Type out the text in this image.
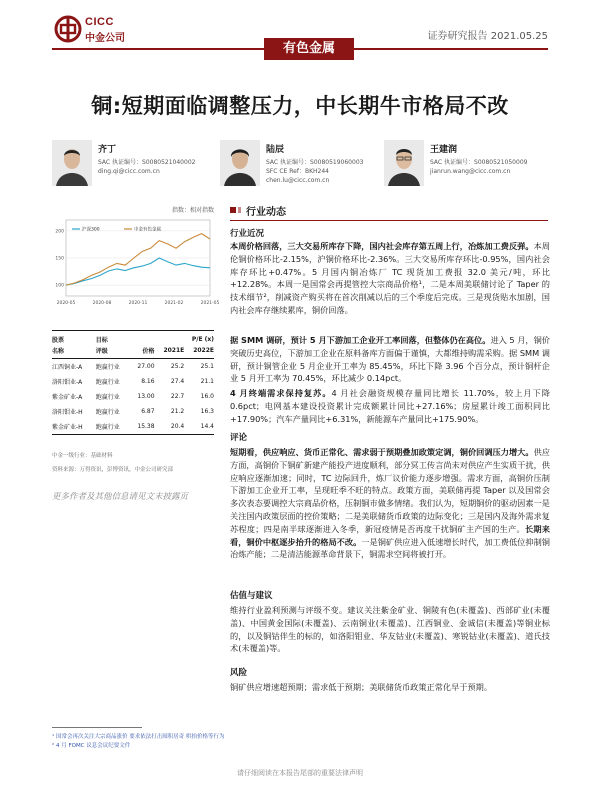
CICC
中金公司	证券研究报告 2021.05.25
有色金属
铜:短期面临调整压力，中长期牛市格局不改
齐丁
SAC 执证编号：S0080521040002
ding.qi@cicc.com.cn
陆辰
SAC 执证编号：S0080519060003
SFC CE Ref：BKH244
chen.lu@cicc.com.cn
王建润
SAC 执证编号：S0080521050009
jianrun.wang@cicc.com.cn
指数：相对指数
100
150
200
2020-05	2020-08	2020-11	2021-02	2021-05
沪深300	中金有色金属
股票	目标		P/E (x)	
名称	评级	价格	2021E	2022E
江西铜业-A	跑赢行业	27.00	25.2	25.1
洛阳钼业-A	跑赢行业	8.16	27.4	21.1
紫金矿业-A	跑赢行业	13.00	22.7	16.0
洛阳钼业-H	跑赢行业	6.87	21.2	16.3
紫金矿业-H	跑赢行业	15.38	20.4	14.4
中金一级行业：基础材料
资料来源：万得资讯，彭博资讯，中金公司研究部
更多作者及其他信息请见文末披露页
行业动态
行业近况

本周价格回落，三大交易所库存下降，国内社会库存第五周上行，冶炼加工费反弹。本周伦铜价格环比-2.15%，沪铜价格环比-2.36%。三大交易所库存环比-0.95%，国内社会库存环比+0.47%。5 月国内铜冶炼厂 TC 现货加工费报 32.0 美元/吨，环比+12.28%。本周一是国常会再提管控大宗商品价格¹，二是本周美联储讨论了 Taper 的技术细节²，削减资产购买将在首次削减以后的三个季度后完成。三是现货贴水加剧，国内社会库存继续累库，铜价回落。

据 SMM 调研，预计 5 月下游加工企业开工率回落，但整体仍在高位。进入 5 月，铜价突破历史高位，下游加工企业在原料备库方面偏于谨慎，大都维持购需采购。据 SMM 调研，预计铜管企业 5 月企业开工率为 85.45%，环比下降 3.96 个百分点，预计铜杆企业 5 月开工率为 70.45%，环比减少 0.14pct。

4 月终端需求保持复苏。4 月社会融资规模存量同比增长 11.70%，较上月下降 0.6pct；电网基本建设投资累计完成额累计同比+27.16%；房屋累计竣工面积同比+17.90%；汽车产量同比+6.31%，新能源车产量同比+175.90%。

评论

短期看，供应响应、货币正常化、需求弱于预期叠加政策定调，铜价回调压力增大。供应方面，高铜价下铜矿新建产能投产进度顺利，部分冥工传言尚未对供应产生实质干扰，供应响应逐渐加速；同时，TC 边际回升，炼厂议价能力逐步增强。需求方面，高铜价压制下游加工企业开工率，呈现旺季不旺的特点。政策方面，美联储再提 Taper 以及国常会多次表态要调控大宗商品价格，压制铜市做多情绪。我们认为，短期铜价的驱动因素一是关注国内政策层面的控价策略；二是美联储货币政策的边际变化；三是国内及海外需求复苏程度；四是南半球逐渐进入冬季，新冠疫情是否再度干扰铜矿主产国的生产。长期来看，铜价中枢逐步抬升的格局不改。一是铜矿供应进入低速增长时代，加工费低位抑制铜冶炼产能；二是清洁能源革命背景下，铜需求空间将被打开。

估值与建议

维持行业盈利预测与评级不变。建议关注紫金矿业、铜陵有色(未覆盖)、西部矿业(未覆盖)、中国黄金国际(未覆盖)、云南铜业(未覆盖)、江西铜业、金诚信(未覆盖)等铜业标的，以及铜钴伴生的标的，如洛阳钼业、华友钴业(未覆盖)、寒锐钴业(未覆盖)、道氏技术(未覆盖)等。

风险

铜矿供应增速超预期；需求低于预期；美联储货币政策正常化早于预期。

¹ 国常会再次关注大宗商品涨价 要求依法打击囤积居奇 哄抬价格等行为
² 4 月 FOMC 议息会议纪要文件
请仔细阅读在本报告尾部的重要法律声明
